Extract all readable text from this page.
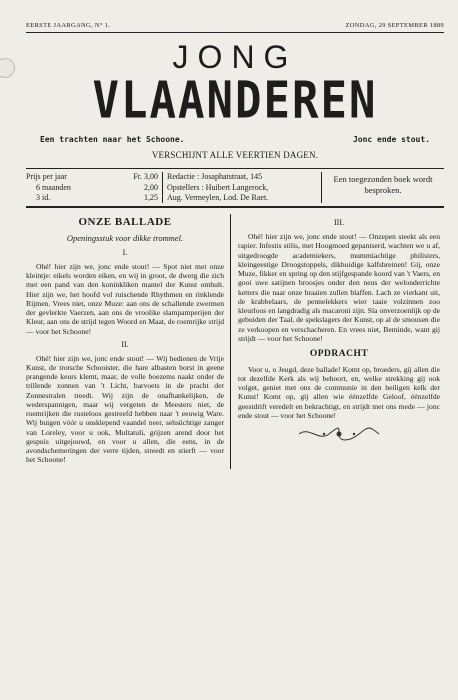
EERSTE JAARGANG, N° 1.	ZONDAG, 29 SEPTEMBER 1889
JONG
VLAANDEREN
Een trachten naar het Schoone.	Jonc ende stout.
VERSCHIJNT ALLE VEERTIEN DAGEN.
Prijs per jaar	Fr. 3,00
6 maanden	2,00
3 id.	1,25
Redactie : Josaphatstraat, 145
Opstellers : Huibert Langerock,
Aug. Vermeylen, Lod. De Raet.
Een toegezonden boek wordt besproken.
ONZE BALLADE
Openingsstuk voor dikke trommel.
I.

Ohé! hier zijn we, jonc ende stout! — Spot niet met onze kleintje: eikels worden eiken, en wij in groot, de dwerg die zich met een pand van den koninkliken mantel der Kunst omhult. Hier zijn we, het hoofd vol ruischende Rhythmen en rinklende Rijmen. Vrees niet, onze Muze: aan ons de schallende zwermen der gevlerkte Vaerzen, aan ons de vroolike slampamperijen der Kleur, aan ons de strijd tegen Woord en Maat, de roemrijke strijd — voor het Schoone!

II.

Ohé! hier zijn we, jonc ende stout! — Wij bedienen de Vrije Kunst, de trotsche Schooister, die hare albasten borst in geene prangende keurs klemt, maar, de volle boezems naakt onder de trillende zonnen van 't Licht, barvoets in de pracht der Zonnestralen treedt. Wij zijn de onafhankelijken, de wederspannigen, maar wij vergeten de Meesters niet, de roemrijken die rusteloos gestreefd hebben naar 't eeuwig Ware. Wij buigen vóór u onsklepend vaandel neer, sehsüchtige zanger van Loreley, voor u ook, Multatuli, grijzen arend door het gespuis uitgejouwd, en voor u allen, die eens, in de avondschemeringen der verre tijden, streedt en stierft — voor het Schoone!

III.

Ohé! hier zijn we, jonc ende stout! — Onzepen steekt als een rapier. Infestis stilis, met Hoogmoed gepantserd, wachten we u af, uitgedroogde academiekers, mummiachtige philisters, kleingeestige Droogstoppels, dikhuidige kalfsbreinen! Gij, onze Muze, fikker en spring op den stijfgespande koord van 't Vaers, en gooi uwe satijnen broosjes onder den neus der welonderrichte ketters die naar onze braaien zullen blaffen. Lach ze vierkant uit, de krabbelaars, de pennelekkers wier taaie volzinnen zoo kleurloos en langdradig als macaroni zijn. Sla onverzoenlijk op de gebuiden der Taal, de spekslagers der Kunst, op al de smousen die ze verkoopen en verschacheren. En vrees niet, Beminde, want gij strijdt — voor het Schoone!

OPDRACHT

Voor u, o Jeugd, deze ballade! Komt op, broeders, gij allen die tot dezelfde Kerk als wij behoort, en, welke strekking gij ook volget, geniet met ons de communie in den heiligen kelk der Kunst! Komt op, gij allen wie éénzelfde Geloof, éénzelfde geestdrift veredelt en bekrachtigt, en strijdt met ons mede — jonc ende stout — voor het Schoone!
